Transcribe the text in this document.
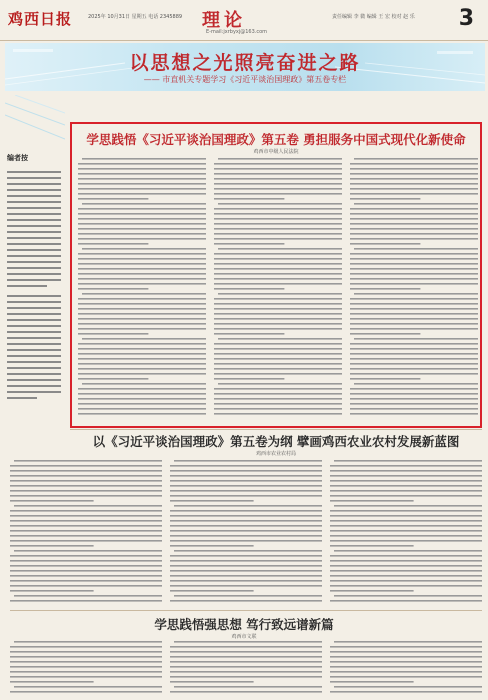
鸡西日报	2025年 10月31日 星期五 电话 2345889 理论
E-mail:jxrbyxj@163.com
责任编辑 李 微 编辑 王 宏 校对 赵 乐 3
以思想之光照亮奋进之路
—— 市直机关专题学习《习近平谈治国理政》第五卷专栏
编者按
学思践悟《习近平谈治国理政》第五卷 勇担服务中国式现代化新使命
鸡西市中级人民法院
以《习近平谈治国理政》第五卷为纲 擘画鸡西农业农村发展新蓝图
鸡西市农业农村局
学思践悟强思想 笃行致远谱新篇
鸡西市文联
